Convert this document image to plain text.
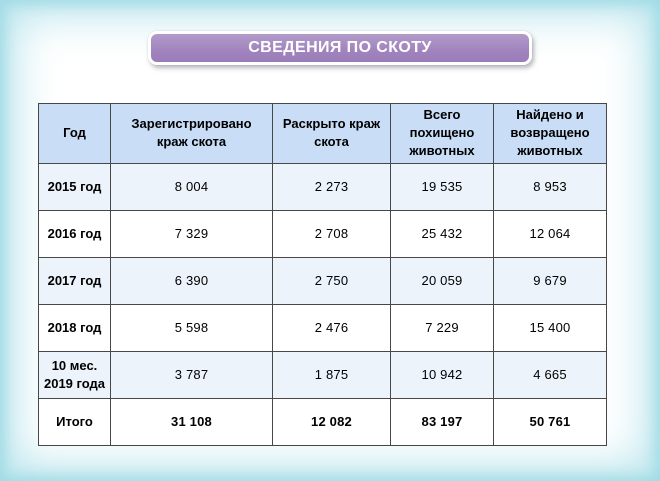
СВЕДЕНИЯ ПО СКОТУ
Год	Зарегистрировано краж скота	Раскрыто краж скота	Всего похищено животных	Найдено и возвращено животных
2015 год	8 004	2 273	19 535	8 953
2016 год	7 329	2 708	25 432	12 064
2017 год	6 390	2 750	20 059	9 679
2018 год	5 598	2 476	7 229	15 400
10 мес. 2019 года	3 787	1 875	10 942	4 665
Итого	31 108	12 082	83 197	50 761
